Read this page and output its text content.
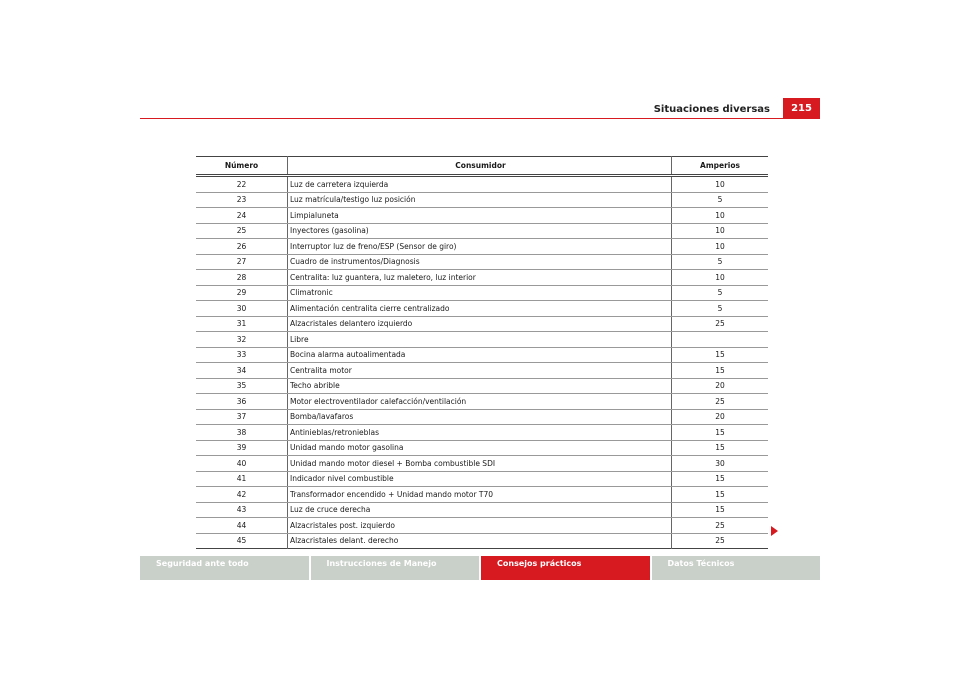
Situaciones diversas	215
Número	Consumidor	Amperios
22	Luz de carretera izquierda	10
23	Luz matrícula/testigo luz posición	5
24	Limpialuneta	10
25	Inyectores (gasolina)	10
26	Interruptor luz de freno/ESP (Sensor de giro)	10
27	Cuadro de instrumentos/Diagnosis	5
28	Centralita: luz guantera, luz maletero, luz interior	10
29	Climatronic	5
30	Alimentación centralita cierre centralizado	5
31	Alzacristales delantero izquierdo	25
32	Libre	
33	Bocina alarma autoalimentada	15
34	Centralita motor	15
35	Techo abrible	20
36	Motor electroventilador calefacción/ventilación	25
37	Bomba/lavafaros	20
38	Antinieblas/retronieblas	15
39	Unidad mando motor gasolina	15
40	Unidad mando motor diesel + Bomba combustible SDI	30
41	Indicador nivel combustible	15
42	Transformador encendido + Unidad mando motor T70	15
43	Luz de cruce derecha	15
44	Alzacristales post. izquierdo	25
45	Alzacristales delant. derecho	25
Seguridad ante todo	Instrucciones de Manejo	Consejos prácticos	Datos Técnicos
